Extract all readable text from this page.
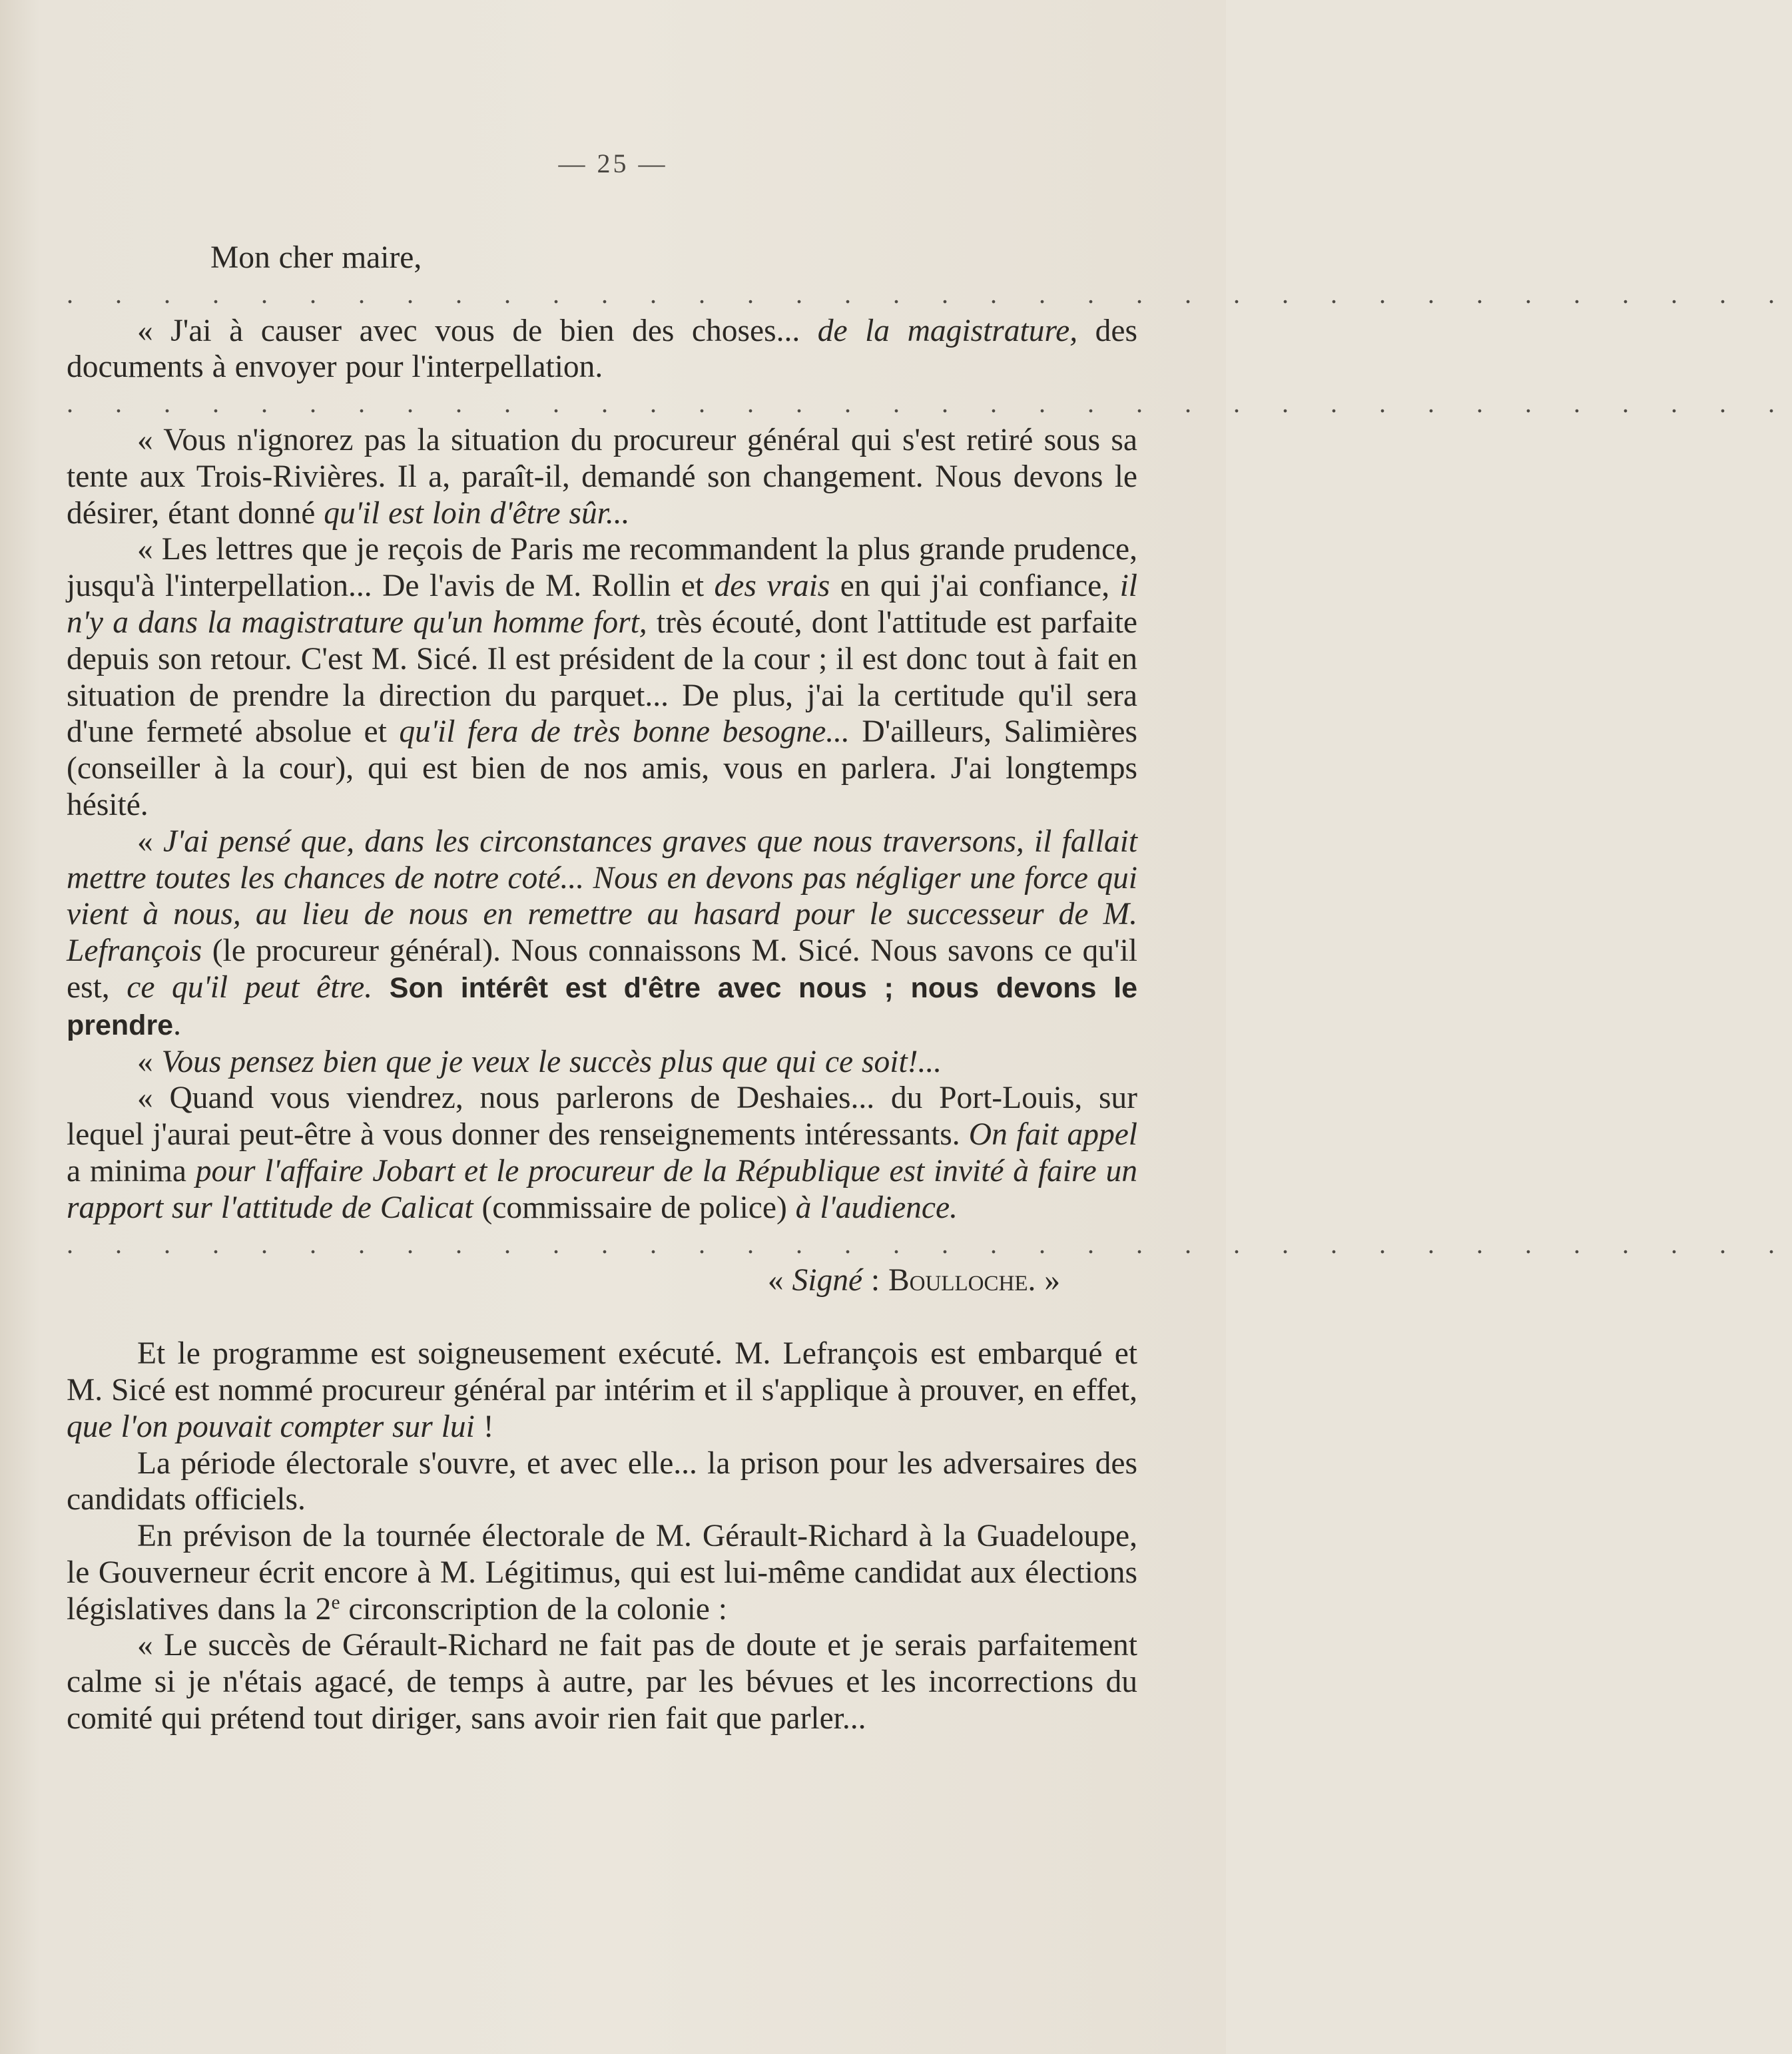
— 25 —

Mon cher maire,

. . . . . . . . . . . . . . . . . . . . . . . . . . . . . . . . . . . .

« J'ai à causer avec vous de bien des choses... de la magistrature, des documents à envoyer pour l'interpellation.

. . . . . . . . . . . . . . . . . . . . . . . . . . . . . . . . . . . .

« Vous n'ignorez pas la situation du procureur général qui s'est retiré sous sa tente aux Trois-Rivières. Il a, paraît-il, demandé son changement. Nous devons le désirer, étant donné qu'il est loin d'être sûr...

« Les lettres que je reçois de Paris me recommandent la plus grande prudence, jusqu'à l'interpellation... De l'avis de M. Rollin et des vrais en qui j'ai confiance, il n'y a dans la magistrature qu'un homme fort, très écouté, dont l'attitude est parfaite depuis son retour. C'est M. Sicé. Il est président de la cour ; il est donc tout à fait en situation de prendre la direction du parquet... De plus, j'ai la certitude qu'il sera d'une fermeté absolue et qu'il fera de très bonne besogne... D'ailleurs, Salimières (conseiller à la cour), qui est bien de nos amis, vous en parlera. J'ai longtemps hésité.

« J'ai pensé que, dans les circonstances graves que nous traversons, il fallait mettre toutes les chances de notre coté... Nous en devons pas négliger une force qui vient à nous, au lieu de nous en remettre au hasard pour le successeur de M. Lefrançois (le procureur général). Nous connaissons M. Sicé. Nous savons ce qu'il est, ce qu'il peut être. Son intérêt est d'être avec nous ; nous devons le prendre.

« Vous pensez bien que je veux le succès plus que qui ce soit!...

« Quand vous viendrez, nous parlerons de Deshaies... du Port-Louis, sur lequel j'aurai peut-être à vous donner des renseignements intéressants. On fait appel a minima pour l'affaire Jobart et le procureur de la République est invité à faire un rapport sur l'attitude de Calicat (commissaire de police) à l'audience.

. . . . . . . . . . . . . . . . . . . . . . . . . . . . . . . . . . . .

« Signé : Boulloche. »

Et le programme est soigneusement exécuté. M. Lefrançois est embarqué et M. Sicé est nommé procureur général par intérim et il s'applique à prouver, en effet, que l'on pouvait compter sur lui !

La période électorale s'ouvre, et avec elle... la prison pour les adversaires des candidats officiels.

En prévison de la tournée électorale de M. Gérault-Richard à la Guadeloupe, le Gouverneur écrit encore à M. Légitimus, qui est lui-même candidat aux élections législatives dans la 2e circonscription de la colonie :

« Le succès de Gérault-Richard ne fait pas de doute et je serais parfaitement calme si je n'étais agacé, de temps à autre, par les bévues et les incorrections du comité qui prétend tout diriger, sans avoir rien fait que parler...
